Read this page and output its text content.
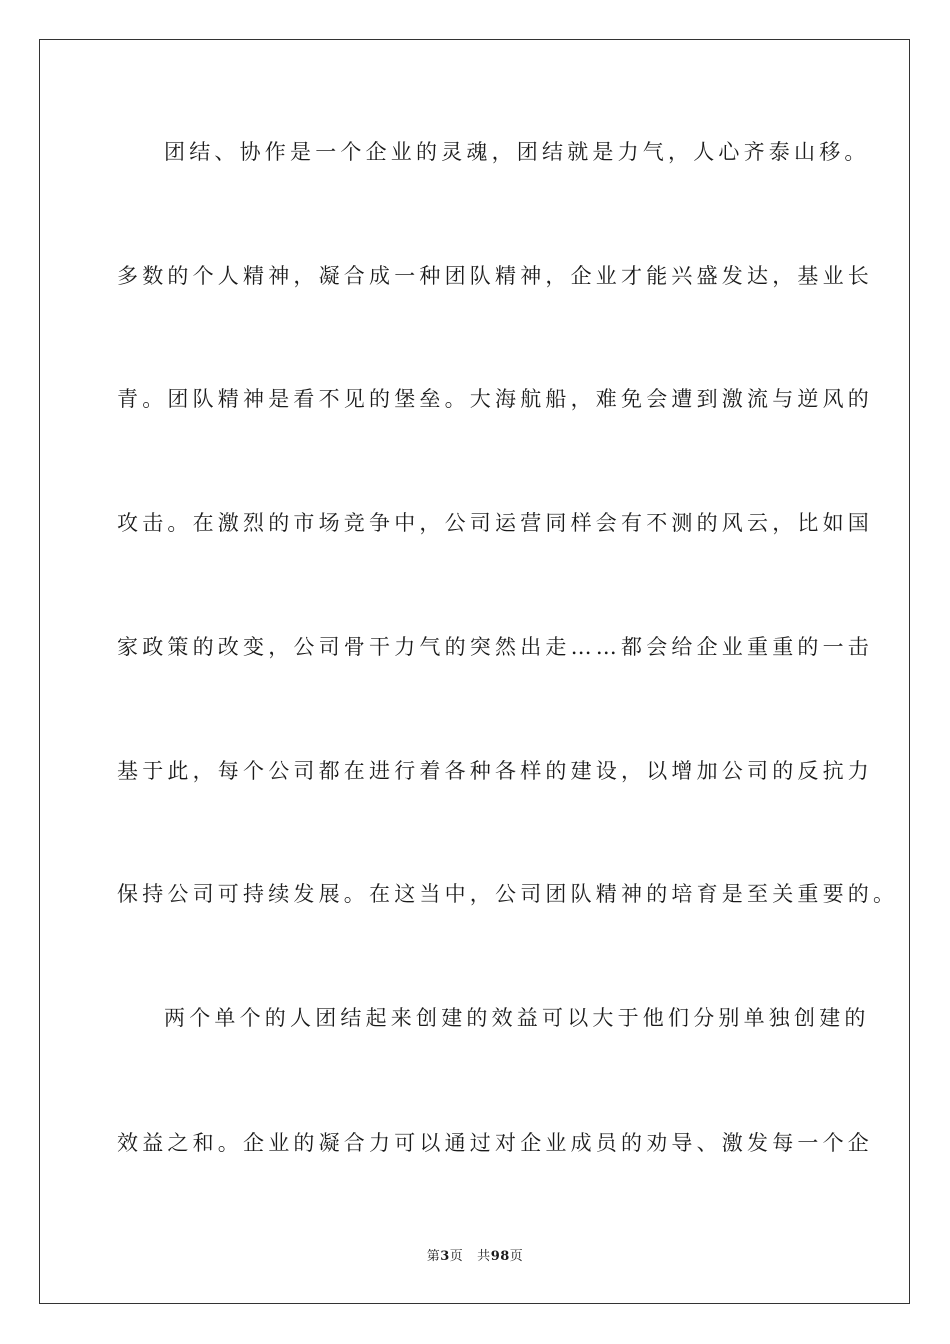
团结、协作是一个企业的灵魂，团结就是力气，人心齐泰山移。
多数的个人精神，凝合成一种团队精神，企业才能兴盛发达，基业长
青。团队精神是看不见的堡垒。大海航船，难免会遭到激流与逆风的
攻击。在激烈的市场竞争中，公司运营同样会有不测的风云，比如国
家政策的改变，公司骨干力气的突然出走……都会给企业重重的一击
基于此，每个公司都在进行着各种各样的建设，以增加公司的反抗力
保持公司可持续发展。在这当中，公司团队精神的培育是至关重要的。
两个单个的人团结起来创建的效益可以大于他们分别单独创建的
效益之和。企业的凝合力可以通过对企业成员的劝导、激发每一个企
第3页 共98页
